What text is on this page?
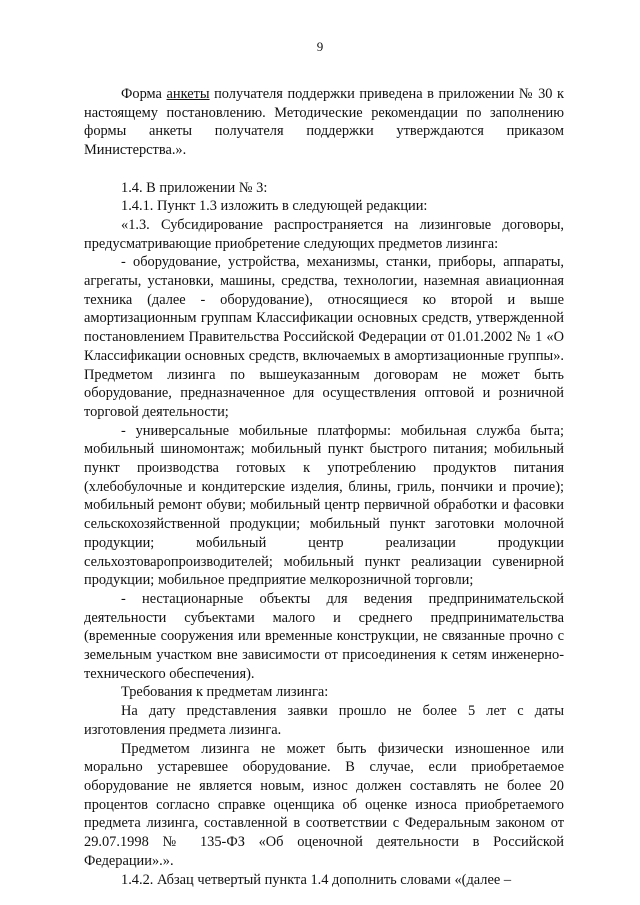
9

Форма анкеты получателя поддержки приведена в приложении № 30 к настоящему постановлению. Методические рекомендации по заполнению формы анкеты получателя поддержки утверждаются приказом Министерства.».

1.4. В приложении № 3:

1.4.1. Пункт 1.3 изложить в следующей редакции:

«1.3. Субсидирование распространяется на лизинговые договоры, предусматривающие приобретение следующих предметов лизинга:

- оборудование, устройства, механизмы, станки, приборы, аппараты, агрегаты, установки, машины, средства, технологии, наземная авиационная техника (далее - оборудование), относящиеся ко второй и выше амортизационным группам Классификации основных средств, утвержденной постановлением Правительства Российской Федерации от 01.01.2002 № 1 «О Классификации основных средств, включаемых в амортизационные группы». Предметом лизинга по вышеуказанным договорам не может быть оборудование, предназначенное для осуществления оптовой и розничной торговой деятельности;

- универсальные мобильные платформы: мобильная служба быта; мобильный шиномонтаж; мобильный пункт быстрого питания; мобильный пункт производства готовых к употреблению продуктов питания (хлебобулочные и кондитерские изделия, блины, гриль, пончики и прочие); мобильный ремонт обуви; мобильный центр первичной обработки и фасовки сельскохозяйственной продукции; мобильный пункт заготовки молочной продукции; мобильный центр реализации продукции сельхозтоваропроизводителей; мобильный пункт реализации сувенирной продукции; мобильное предприятие мелкорозничной торговли;

- нестационарные объекты для ведения предпринимательской деятельности субъектами малого и среднего предпринимательства (временные сооружения или временные конструкции, не связанные прочно с земельным участком вне зависимости от присоединения к сетям инженерно-технического обеспечения).

Требования к предметам лизинга:

На дату представления заявки прошло не более 5 лет с даты изготовления предмета лизинга.

Предметом лизинга не может быть физически изношенное или морально устаревшее оборудование. В случае, если приобретаемое оборудование не является новым, износ должен составлять не более 20 процентов согласно справке оценщика об оценке износа приобретаемого предмета лизинга, составленной в соответствии с Федеральным законом от 29.07.1998 № 135-ФЗ «Об оценочной деятельности в Российской Федерации».».

1.4.2. Абзац четвертый пункта 1.4 дополнить словами «(далее –
